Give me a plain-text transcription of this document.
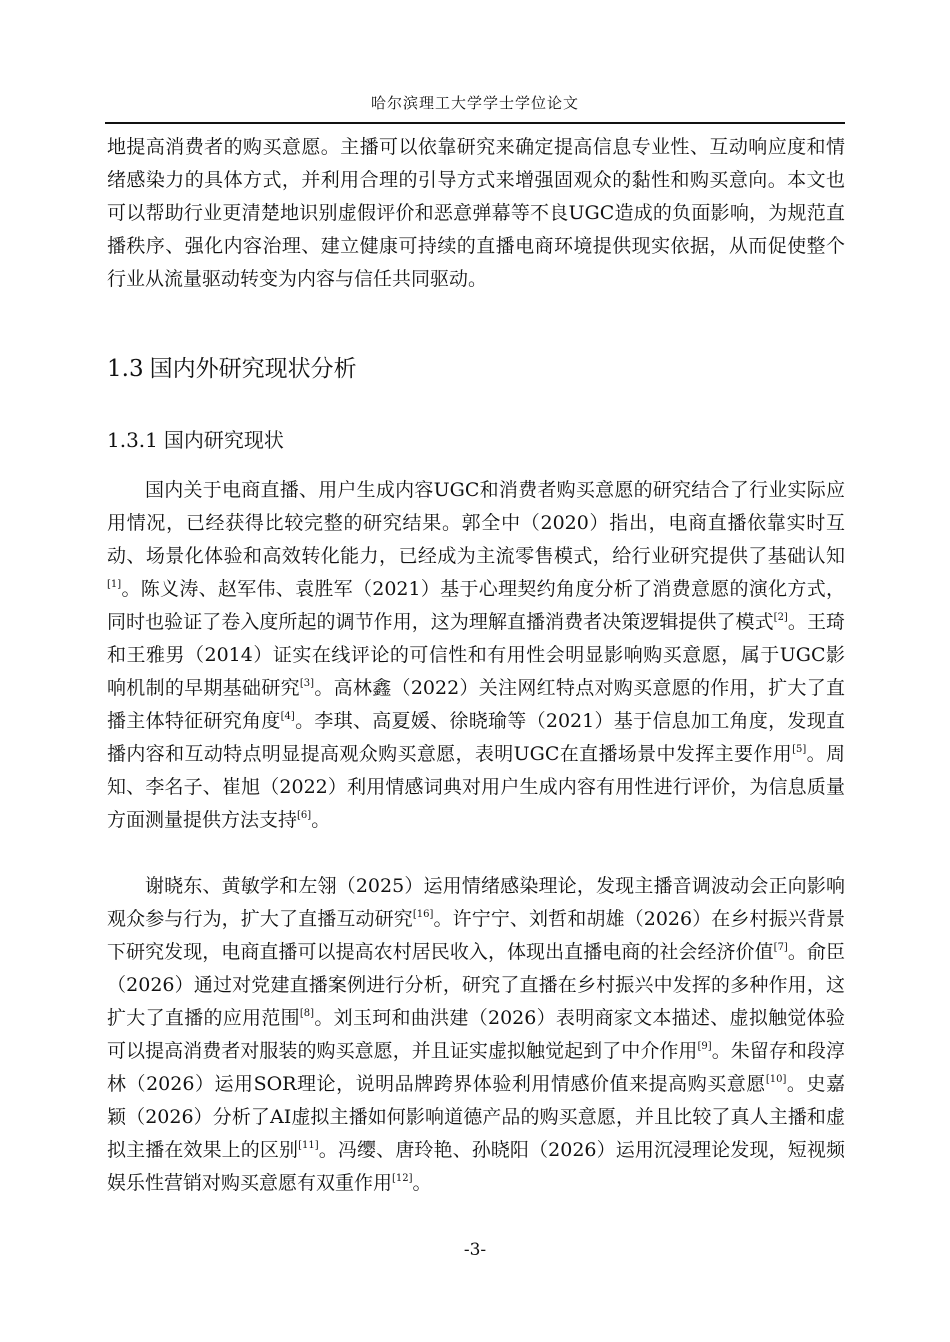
哈尔滨理工大学学士学位论文
地提高消费者的购买意愿。主播可以依靠研究来确定提高信息专业性、互动响应度和情绪感染力的具体方式，并利用合理的引导方式来增强固观众的黏性和购买意向。本文也可以帮助行业更清楚地识别虚假评价和恶意弹幕等不良UGC造成的负面影响，为规范直播秩序、强化内容治理、建立健康可持续的直播电商环境提供现实依据，从而促使整个行业从流量驱动转变为内容与信任共同驱动。
1.3 国内外研究现状分析
1.3.1 国内研究现状
国内关于电商直播、用户生成内容UGC和消费者购买意愿的研究结合了行业实际应用情况，已经获得比较完整的研究结果。郭全中（2020）指出，电商直播依靠实时互动、场景化体验和高效转化能力，已经成为主流零售模式，给行业研究提供了基础认知[1]。陈义涛、赵军伟、袁胜军（2021）基于心理契约角度分析了消费意愿的演化方式，同时也验证了卷入度所起的调节作用，这为理解直播消费者决策逻辑提供了模式[2]。王琦和王雅男（2014）证实在线评论的可信性和有用性会明显影响购买意愿，属于UGC影响机制的早期基础研究[3]。高林鑫（2022）关注网红特点对购买意愿的作用，扩大了直播主体特征研究角度[4]。李琪、高夏媛、徐晓瑜等（2021）基于信息加工角度，发现直播内容和互动特点明显提高观众购买意愿，表明UGC在直播场景中发挥主要作用[5]。周知、李名子、崔旭（2022）利用情感词典对用户生成内容有用性进行评价，为信息质量方面测量提供方法支持[6]。
谢晓东、黄敏学和左翎（2025）运用情绪感染理论，发现主播音调波动会正向影响观众参与行为，扩大了直播互动研究[16]。许宁宁、刘哲和胡雄（2026）在乡村振兴背景下研究发现，电商直播可以提高农村居民收入，体现出直播电商的社会经济价值[7]。俞臣（2026）通过对党建直播案例进行分析，研究了直播在乡村振兴中发挥的多种作用，这扩大了直播的应用范围[8]。刘玉珂和曲洪建（2026）表明商家文本描述、虚拟触觉体验可以提高消费者对服装的购买意愿，并且证实虚拟触觉起到了中介作用[9]。朱留存和段淳林（2026）运用SOR理论，说明品牌跨界体验利用情感价值来提高购买意愿[10]。史嘉颖（2026）分析了AI虚拟主播如何影响道德产品的购买意愿，并且比较了真人主播和虚拟主播在效果上的区别[11]。冯缨、唐玲艳、孙晓阳（2026）运用沉浸理论发现，短视频娱乐性营销对购买意愿有双重作用[12]。
-3-
